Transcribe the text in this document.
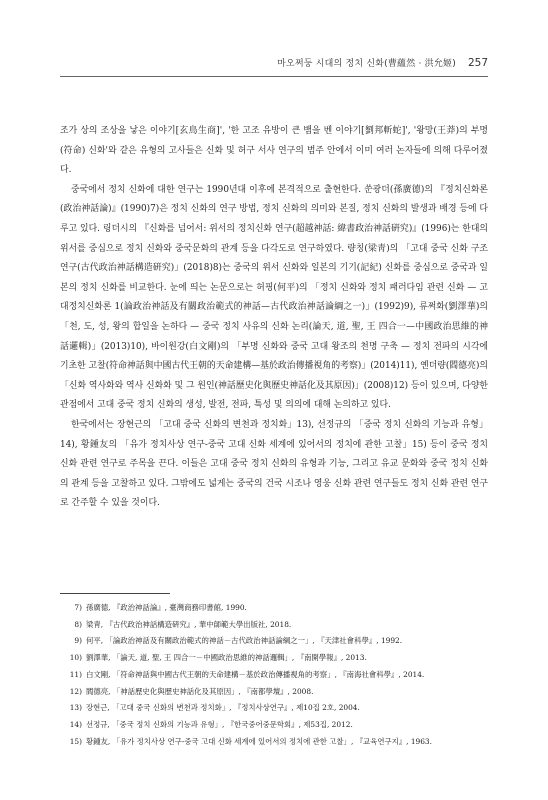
마오쩌둥 시대의 정치 신화(曹蘊然 · 洪允姬) 257

조가 상의 조상을 낳은 이야기[玄鳥生商]', '한 고조 유방이 큰 뱀을 벤 이야기[劉邦斬蛇]', '왕망(王莽)의 부명(符命) 신화'와 같은 유형의 고사들은 신화 및 허구 서사 연구의 범주 안에서 이미 여러 논자들에 의해 다루어졌다.

중국에서 정치 신화에 대한 연구는 1990년대 이후에 본격적으로 출현한다. 쑨광더(孫廣德)의 『정치신화론(政治神話論)』(1990)7)은 정치 신화의 연구 방법, 정치 신화의 의미와 본질, 정치 신화의 발생과 배경 등에 다루고 있다. 링더시의 『신화를 넘어서: 위서의 정치신화 연구(超越神話: 緯書政治神話硏究)』(1996)는 한대의 위서를 중심으로 정치 신화와 중국문화의 관계 등을 다각도로 연구하였다. 량칭(梁靑)의 「고대 중국 신화 구조 연구(古代政治神話構造硏究)」(2018)8)는 중국의 위서 신화와 일본의 기기(記紀) 신화를 중심으로 중국과 일본의 정치 신화를 비교한다. 눈에 띄는 논문으로는 허핑(何平)의 「정치 신화와 정치 패러다임 관련 신화 — 고대정치신화론 1(論政治神話及有關政治範式的神話—古代政治神話論綱之一)」(1992)9), 류쩌화(劉澤華)의 「천, 도, 성, 왕의 합일을 논하다 — 중국 정치 사유의 신화 논리(論天, 道, 聖, 王 四合一—中國政治思維的神話邏輯)」(2013)10), 바이원강(白文剛)의 「부명 신화와 중국 고대 왕조의 천명 구축 — 정치 전파의 시각에 기초한 고찰(符命神話與中國古代王朝的天命建構—基於政治傳播視角的考察)」(2014)11), 옌더량(閻德亮)의 「신화 역사화와 역사 신화화 및 그 원인(神話歷史化與歷史神話化及其原因)」(2008)12) 등이 있으며, 다양한 관점에서 고대 중국 정치 신화의 생성, 발전, 전파, 특성 및 의의에 대해 논의하고 있다.

한국에서는 장현근의 「고대 중국 신화의 변천과 정치화」13), 선정규의 「중국 정치 신화의 기능과 유형」14), 황鍾友의 「유가 정치사상 연구-중국 고대 신화 세계에 있어서의 정치에 관한 고찰」15) 등이 중국 정치 신화 관련 연구로 주목을 끈다. 이들은 고대 중국 정치 신화의 유형과 기능, 그리고 유교 문화와 중국 정치 신화의 관계 등을 고찰하고 있다. 그밖에도 넓게는 중국의 건국 시조나 영웅 신화 관련 연구들도 정치 신화 관련 연구로 간주할 수 있을 것이다.

7) 孫廣德, 『政治神話論』, 臺灣商務印書館, 1990.
8) 梁靑, 『古代政治神話構造硏究』, 華中師範大學出版社, 2018.
9) 何平, 「論政治神話及有關政治範式的神話－古代政治神話論綱之一」, 『天津社會科學』, 1992.
10) 劉澤華, 「論天, 道, 聖, 王 四合一－中國政治思維的神話邏輯」, 『南開學報』, 2013.
11) 白文剛, 「符命神話與中國古代王朝的天命建構－基於政治傳播視角的考察」, 『南海社會科學』, 2014.
12) 閻德亮, 「神話歷史化與歷史神話化及其原因」, 『南都學壇』, 2008.
13) 장현근, 「고대 중국 신화의 변천과 정치화」, 『정치사상연구』, 제10집 2호, 2004.
14) 선정규, 「중국 정치 신화의 기능과 유형」, 『한국중어중문학회』, 제53집, 2012.
15) 황鍾友, 「유가 정치사상 연구-중국 고대 신화 세계에 있어서의 정치에 관한 고찰」, 『교육연구지』, 1963.
